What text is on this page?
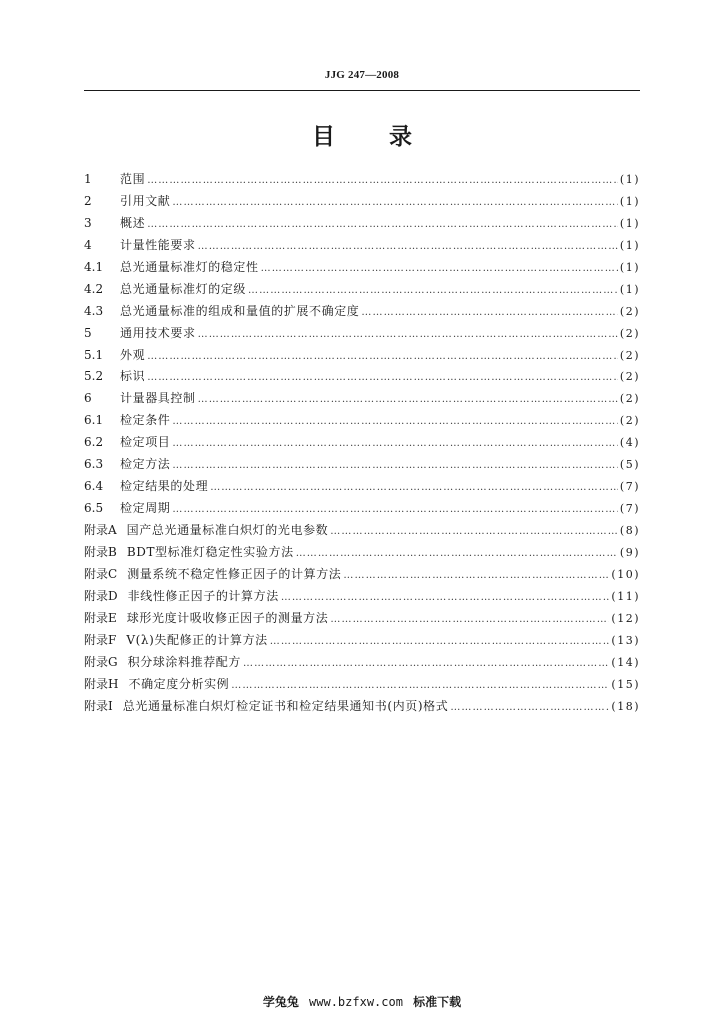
JJG 247—2008
目 录
1	范围 …………………………………………………………………………………………………………………………………………………………………………………………………………	(1)
2	引用文献 …………………………………………………………………………………………………………………………………………………………………………………………………………	(1)
3	概述 …………………………………………………………………………………………………………………………………………………………………………………………………………	(1)
4	计量性能要求 …………………………………………………………………………………………………………………………………………………………………………………………………………	(1)
4.1	总光通量标准灯的稳定性 …………………………………………………………………………………………………………………………………………………………………………………………………………	(1)
4.2	总光通量标准灯的定级 …………………………………………………………………………………………………………………………………………………………………………………………………………	(1)
4.3	总光通量标准的组成和量值的扩展不确定度 …………………………………………………………………………………………………………………………………………………………………………………………………………	(2)
5	通用技术要求 …………………………………………………………………………………………………………………………………………………………………………………………………………	(2)
5.1	外观 …………………………………………………………………………………………………………………………………………………………………………………………………………	(2)
5.2	标识 …………………………………………………………………………………………………………………………………………………………………………………………………………	(2)
6	计量器具控制 …………………………………………………………………………………………………………………………………………………………………………………………………………	(2)
6.1	检定条件 …………………………………………………………………………………………………………………………………………………………………………………………………………	(2)
6.2	检定项目 …………………………………………………………………………………………………………………………………………………………………………………………………………	(4)
6.3	检定方法 …………………………………………………………………………………………………………………………………………………………………………………………………………	(5)
6.4	检定结果的处理 …………………………………………………………………………………………………………………………………………………………………………………………………………	(7)
6.5	检定周期 …………………………………………………………………………………………………………………………………………………………………………………………………………	(7)
附录A 国产总光通量标准白炽灯的光电参数 …………………………………………………………………………………………………………………………………………………………………………………………………………	(8)
附录B BDT型标准灯稳定性实验方法 …………………………………………………………………………………………………………………………………………………………………………………………………………	(9)
附录C 测量系统不稳定性修正因子的计算方法 …………………………………………………………………………………………………………………………………………………………………………………………………………	(10)
附录D 非线性修正因子的计算方法 …………………………………………………………………………………………………………………………………………………………………………………………………………	(11)
附录E 球形光度计吸收修正因子的测量方法 …………………………………………………………………………………………………………………………………………………………………………………………………………	(12)
附录F V(λ)失配修正的计算方法 …………………………………………………………………………………………………………………………………………………………………………………………………………	(13)
附录G 积分球涂料推荐配方 …………………………………………………………………………………………………………………………………………………………………………………………………………	(14)
附录H 不确定度分析实例 …………………………………………………………………………………………………………………………………………………………………………………………………………	(15)
附录I 总光通量标准白炽灯检定证书和检定结果通知书(内页)格式 …………………………………………………………………………………………………………………………………………………………………………………………………………	(18)
学兔兔 www.bzfxw.com 标准下载
